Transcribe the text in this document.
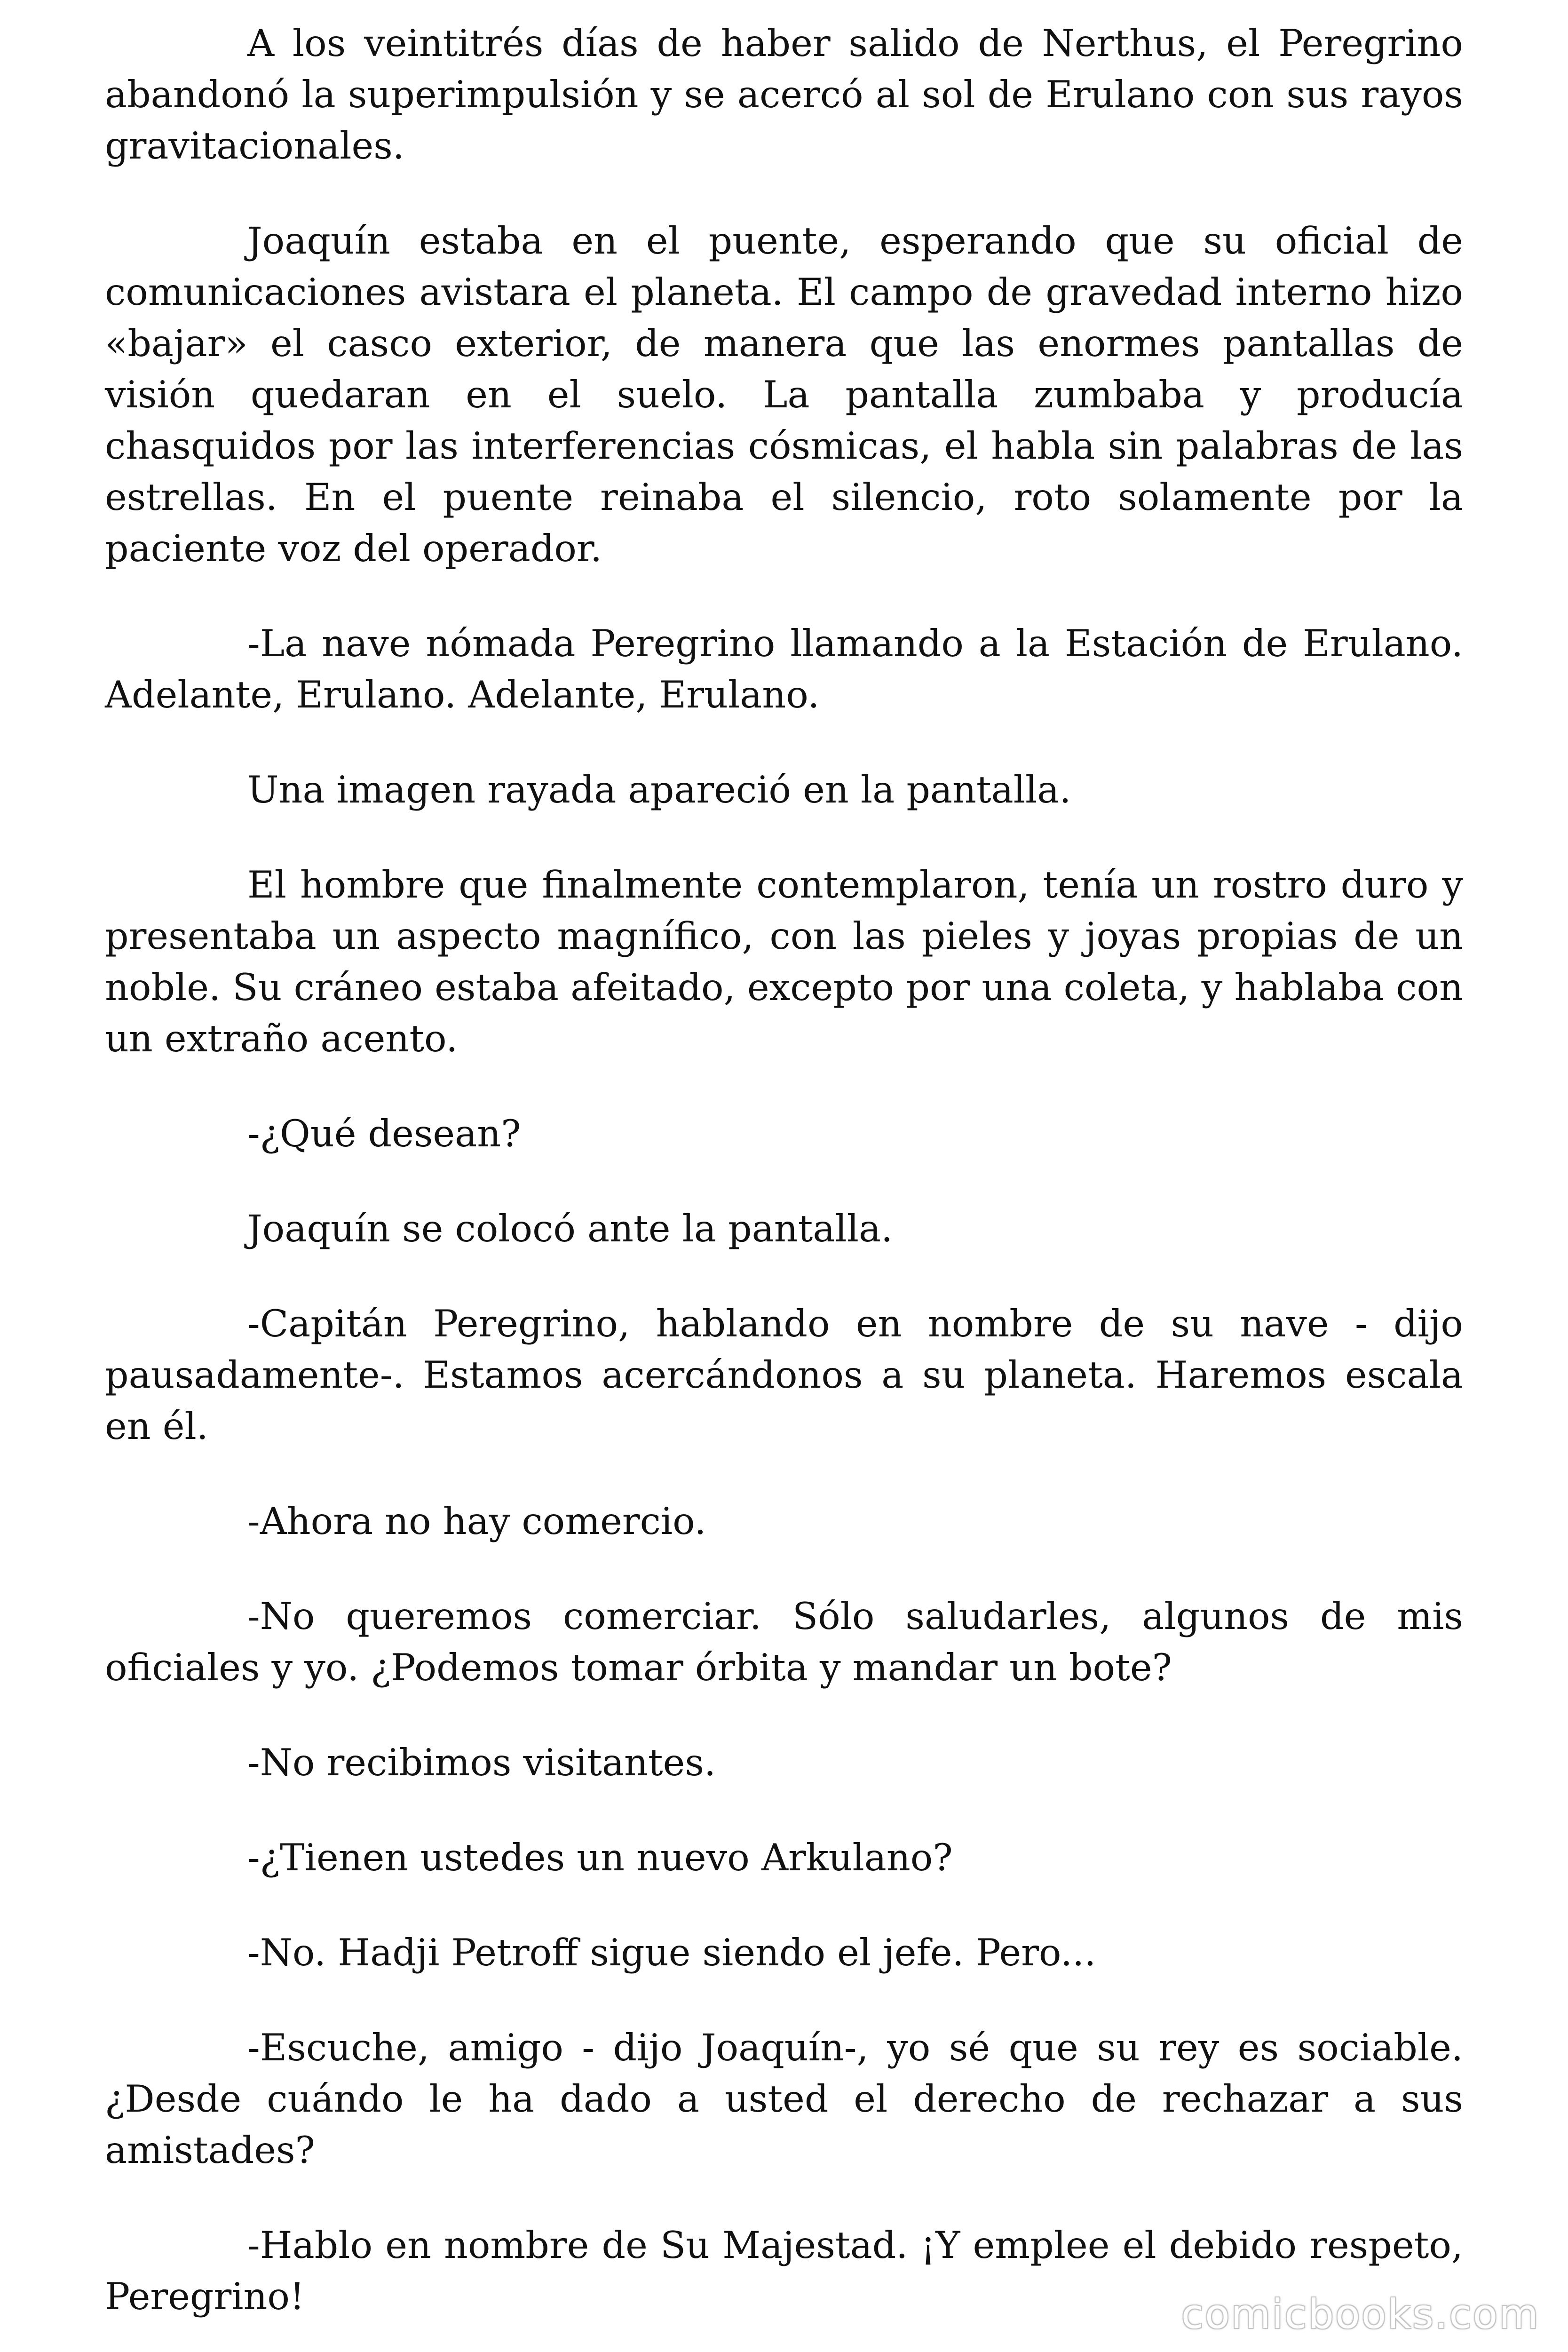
A los veintitrés días de haber salido de Nerthus, el Peregrino abandonó la superimpulsión y se acercó al sol de Erulano con sus rayos gravitacionales.

Joaquín estaba en el puente, esperando que su oficial de comunicaciones avistara el planeta. El campo de gravedad interno hizo «bajar» el casco exterior, de manera que las enormes pantallas de visión quedaran en el suelo. La pantalla zumbaba y producía chasquidos por las interferencias cósmicas, el habla sin palabras de las estrellas. En el puente reinaba el silencio, roto solamente por la paciente voz del operador.

-La nave nómada Peregrino llamando a la Estación de Erulano. Adelante, Erulano. Adelante, Erulano.

Una imagen rayada apareció en la pantalla.

El hombre que finalmente contemplaron, tenía un rostro duro y presentaba un aspecto magnífico, con las pieles y joyas propias de un noble. Su cráneo estaba afeitado, excepto por una coleta, y hablaba con un extraño acento.

-¿Qué desean?

Joaquín se colocó ante la pantalla.

-Capitán Peregrino, hablando en nombre de su nave - dijo pausadamente-. Estamos acercándonos a su planeta. Haremos escala en él.

-Ahora no hay comercio.

-No queremos comerciar. Sólo saludarles, algunos de mis oficiales y yo. ¿Podemos tomar órbita y mandar un bote?

-No recibimos visitantes.

-¿Tienen ustedes un nuevo Arkulano?

-No. Hadji Petroff sigue siendo el jefe. Pero...

-Escuche, amigo - dijo Joaquín-, yo sé que su rey es sociable. ¿Desde cuándo le ha dado a usted el derecho de rechazar a sus amistades?

-Hablo en nombre de Su Majestad. ¡Y emplee el debido respeto, Peregrino!	comicbooks.com
